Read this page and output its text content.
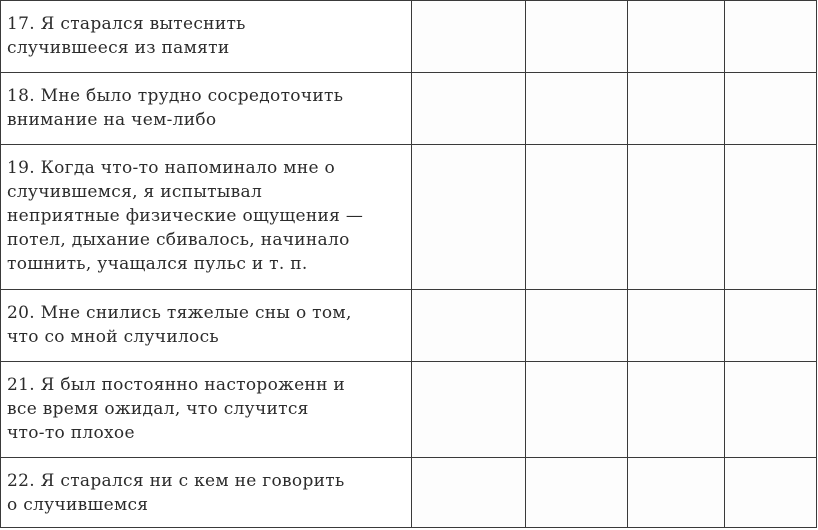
17. Я старался вытеснить
случившееся из памяти				
18. Мне было трудно сосредоточить
внимание на чем-либо				
19. Когда что-то напоминало мне о
случившемся, я испытывал
неприятные физические ощущения —
потел, дыхание сбивалось, начинало
тошнить, учащался пульс и т. п.				
20. Мне снились тяжелые сны о том,
что со мной случилось				
21. Я был постоянно настороженн и
все время ожидал, что случится
что-то плохое				
22. Я старался ни с кем не говорить
о случившемся				
